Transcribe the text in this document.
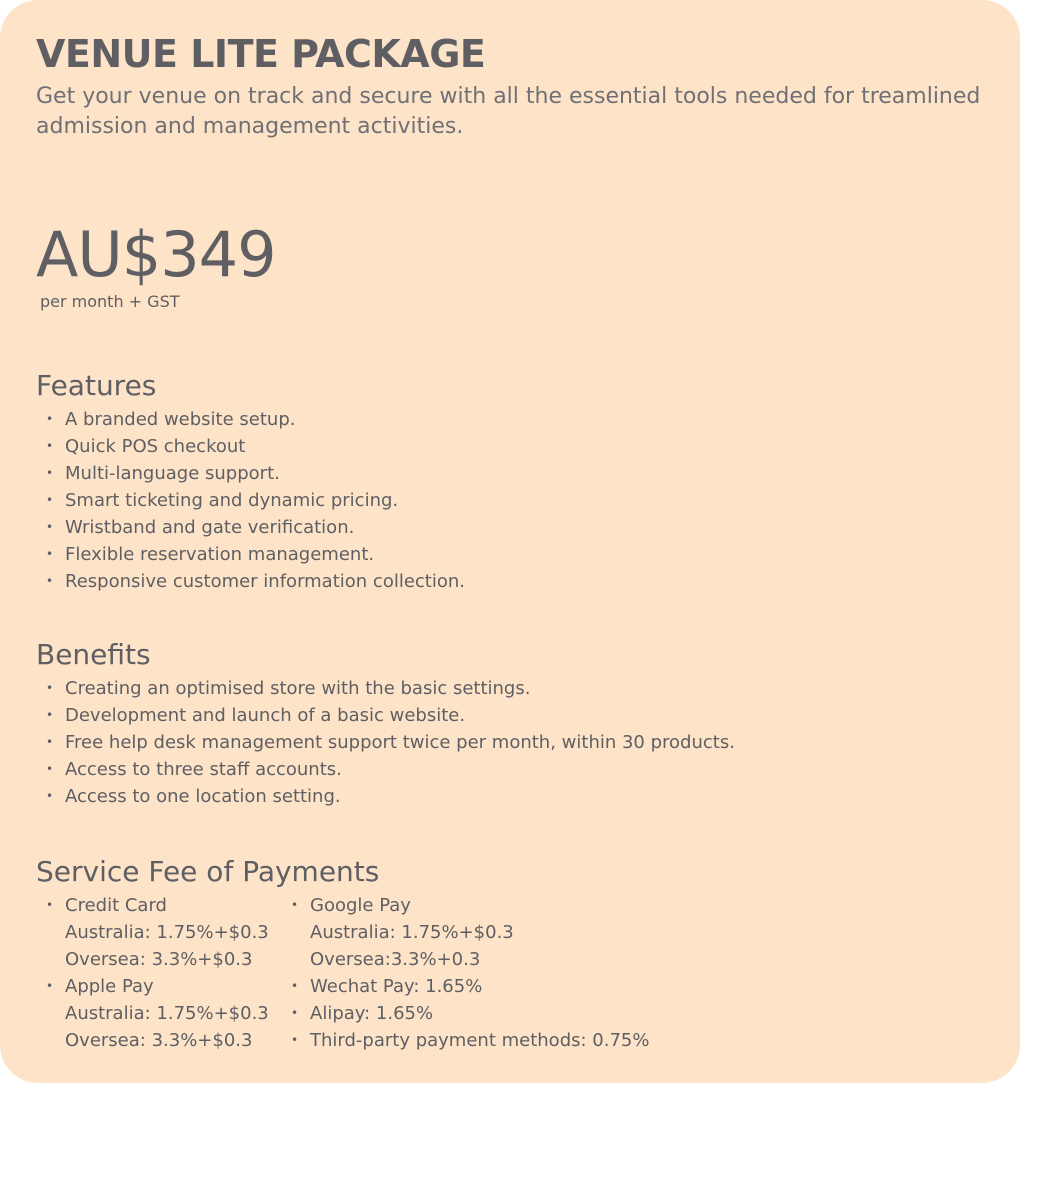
VENUE LITE PACKAGE

Get your venue on track and secure with all the essential tools needed for treamlined admission and management activities.

AU$349
per month + GST
Features
• A branded website setup.
• Quick POS checkout
• Multi-language support.
• Smart ticketing and dynamic pricing.
• Wristband and gate verification.
• Flexible reservation management.
• Responsive customer information collection.
Benefits
• Creating an optimised store with the basic settings.
• Development and launch of a basic website.
• Free help desk management support twice per month, within 30 products.
• Access to three staff accounts.
• Access to one location setting.
Service Fee of Payments
• Credit Card
Australia: 1.75%+$0.3
Oversea: 3.3%+$0.3
• Apple Pay
Australia: 1.75%+$0.3
Oversea: 3.3%+$0.3
• Google Pay
Australia: 1.75%+$0.3
Oversea:3.3%+0.3
• Wechat Pay: 1.65%
• Alipay: 1.65%
• Third-party payment methods: 0.75%
